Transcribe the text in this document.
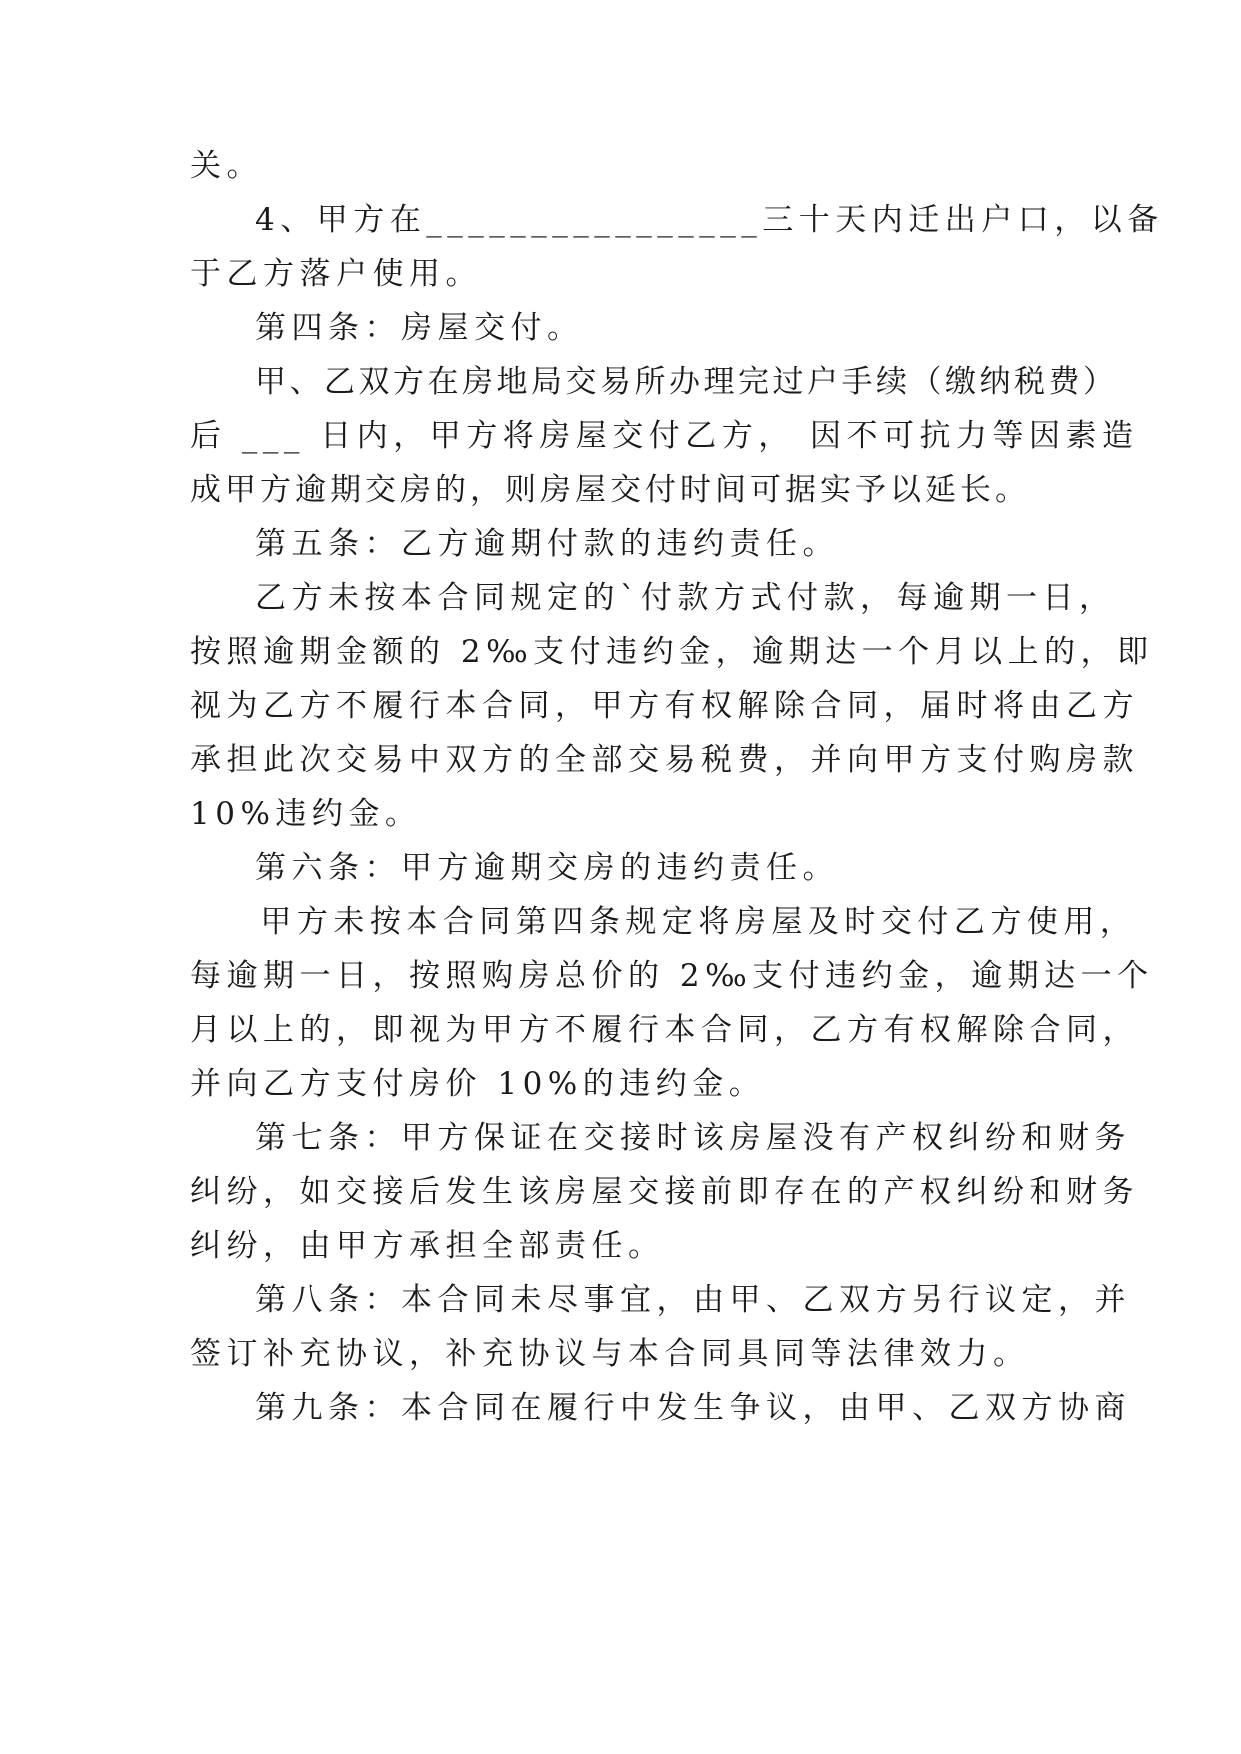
关。
4、甲方在________________三十天内迁出户口，以备
于乙方落户使用。
第四条：房屋交付。
甲、乙双方在房地局交易所办理完过户手续（缴纳税费）
后 ___ 日内，甲方将房屋交付乙方， 因不可抗力等因素造
成甲方逾期交房的，则房屋交付时间可据实予以延长。
第五条：乙方逾期付款的违约责任。
乙方未按本合同规定的`付款方式付款，每逾期一日，
按照逾期金额的 2‰支付违约金，逾期达一个月以上的，即
视为乙方不履行本合同，甲方有权解除合同，届时将由乙方
承担此次交易中双方的全部交易税费，并向甲方支付购房款
10%违约金。
第六条：甲方逾期交房的违约责任。
甲方未按本合同第四条规定将房屋及时交付乙方使用，
每逾期一日，按照购房总价的 2‰支付违约金，逾期达一个
月以上的，即视为甲方不履行本合同，乙方有权解除合同，
并向乙方支付房价 10%的违约金。
第七条：甲方保证在交接时该房屋没有产权纠纷和财务
纠纷，如交接后发生该房屋交接前即存在的产权纠纷和财务
纠纷，由甲方承担全部责任。
第八条：本合同未尽事宜，由甲、乙双方另行议定，并
签订补充协议，补充协议与本合同具同等法律效力。
第九条：本合同在履行中发生争议，由甲、乙双方协商
